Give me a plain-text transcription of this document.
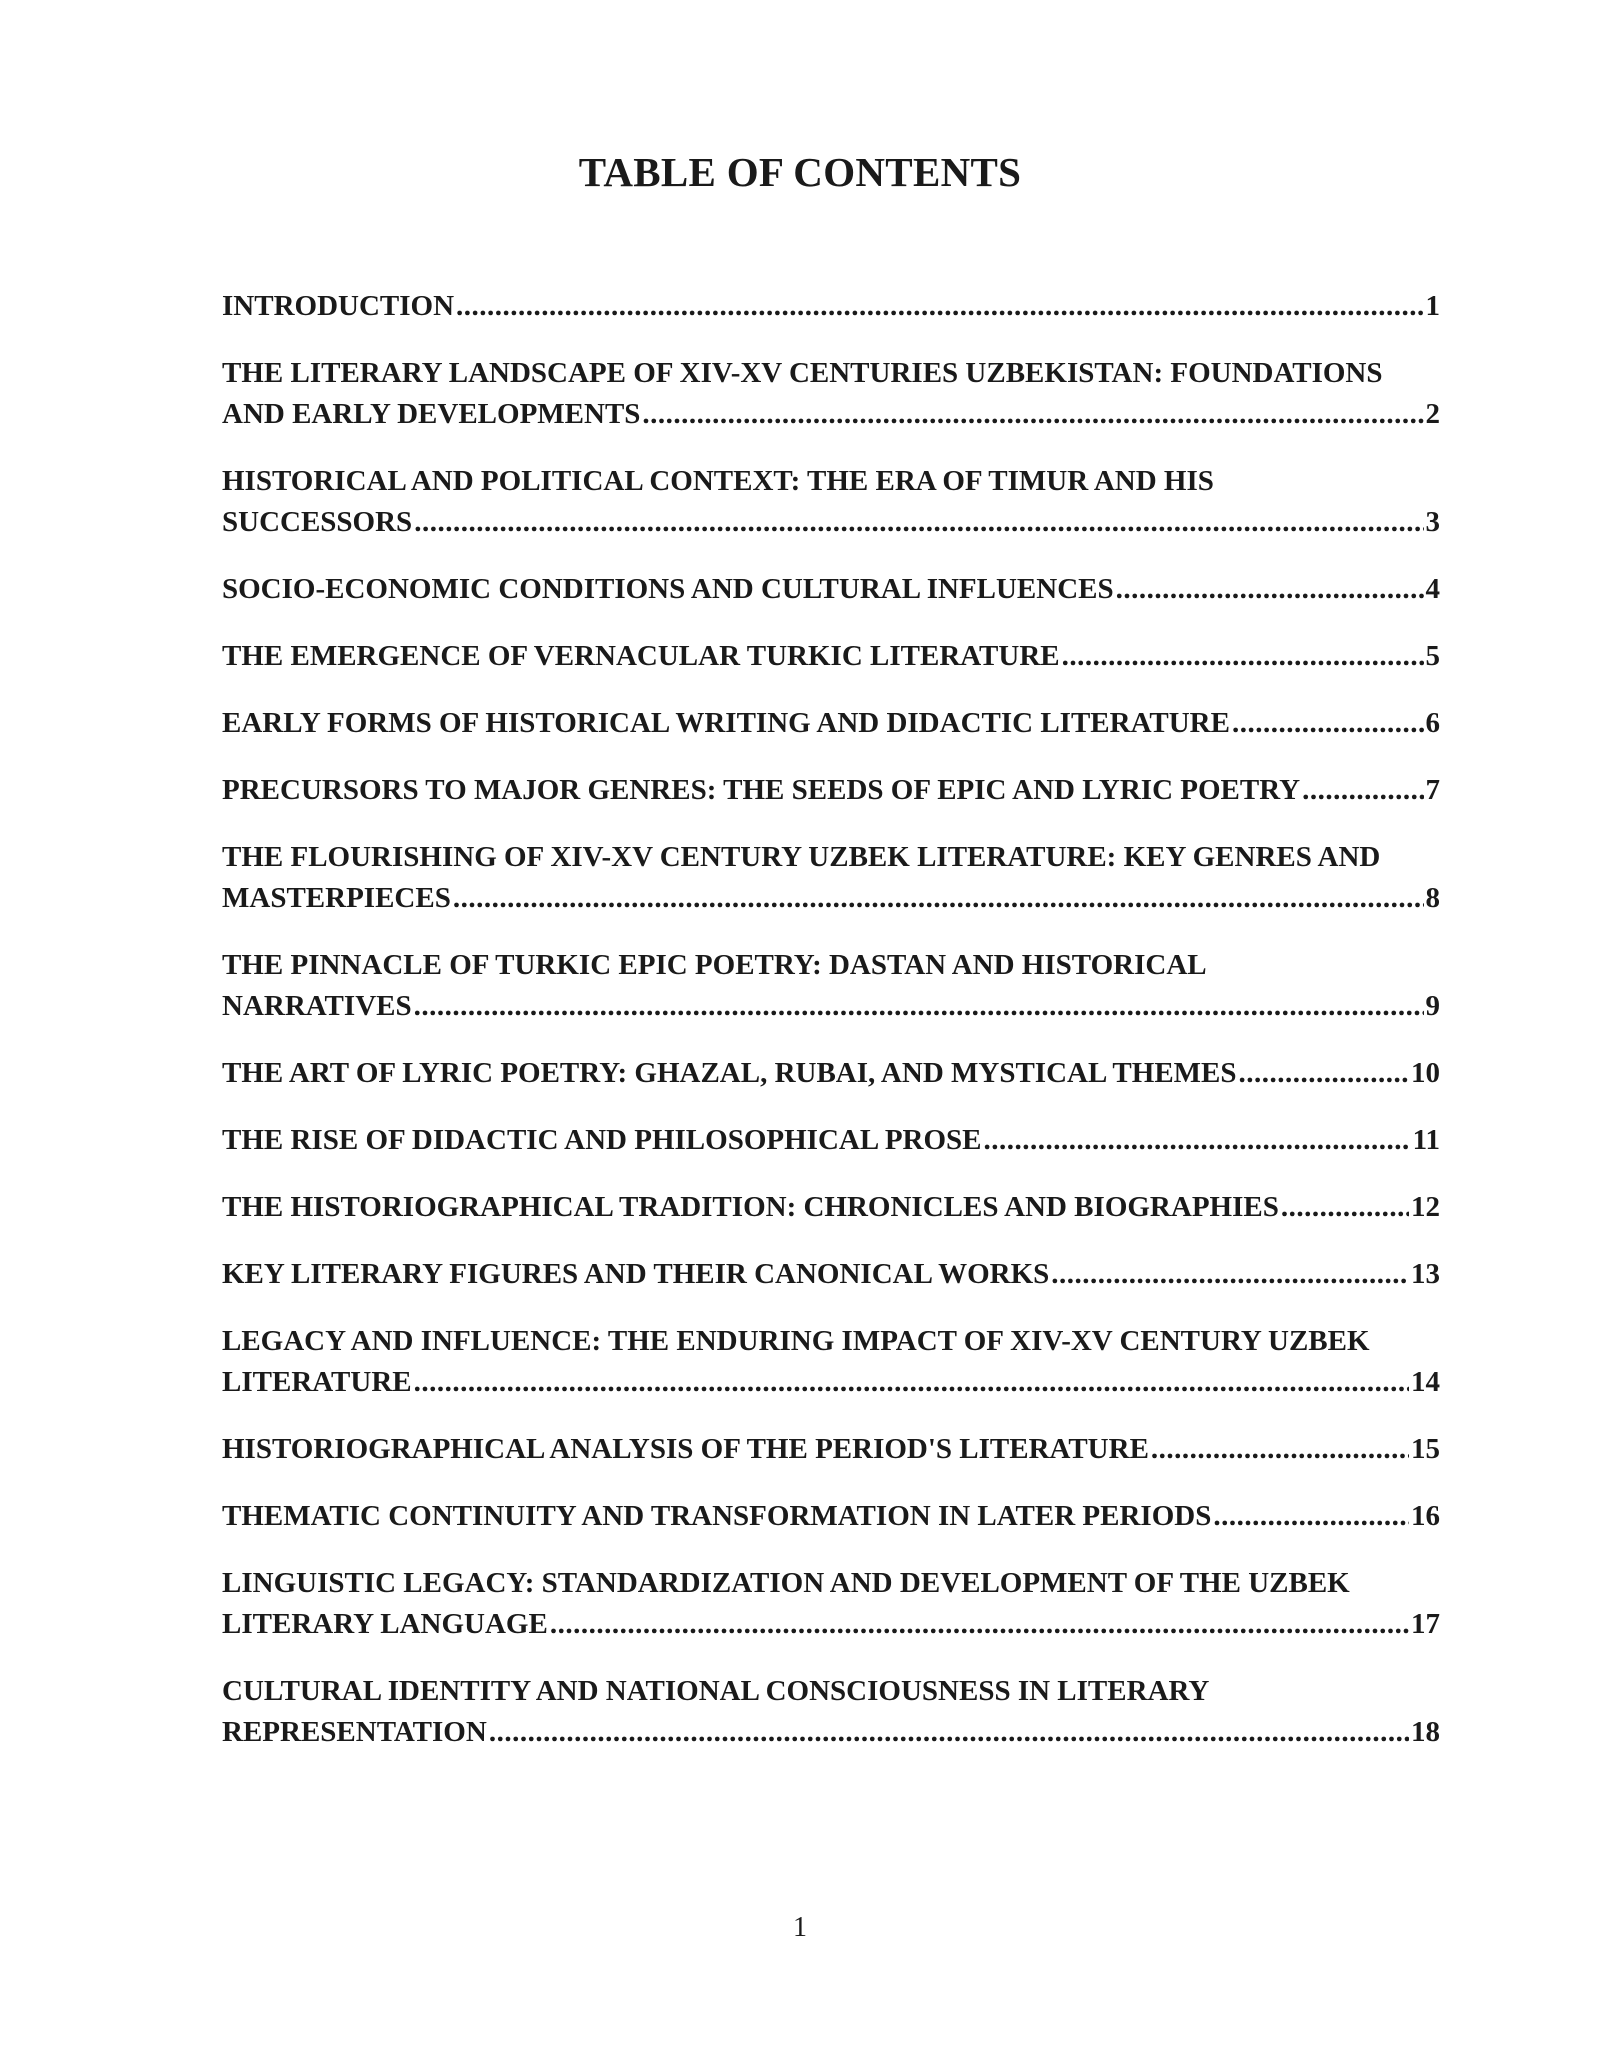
TABLE OF CONTENTS
INTRODUCTION .....	1
THE LITERARY LANDSCAPE OF XIV-XV CENTURIES UZBEKISTAN: FOUNDATIONS
AND EARLY DEVELOPMENTS .....	2
HISTORICAL AND POLITICAL CONTEXT: THE ERA OF TIMUR AND HIS
SUCCESSORS .....	3
SOCIO-ECONOMIC CONDITIONS AND CULTURAL INFLUENCES .....	4
THE EMERGENCE OF VERNACULAR TURKIC LITERATURE .....	5
EARLY FORMS OF HISTORICAL WRITING AND DIDACTIC LITERATURE .....	6
PRECURSORS TO MAJOR GENRES: THE SEEDS OF EPIC AND LYRIC POETRY .....	7
THE FLOURISHING OF XIV-XV CENTURY UZBEK LITERATURE: KEY GENRES AND
MASTERPIECES .....	8
THE PINNACLE OF TURKIC EPIC POETRY: DASTAN AND HISTORICAL
NARRATIVES .....	9
THE ART OF LYRIC POETRY: GHAZAL, RUBAI, AND MYSTICAL THEMES .....	10
THE RISE OF DIDACTIC AND PHILOSOPHICAL PROSE .....	11
THE HISTORIOGRAPHICAL TRADITION: CHRONICLES AND BIOGRAPHIES .....	12
KEY LITERARY FIGURES AND THEIR CANONICAL WORKS .....	13
LEGACY AND INFLUENCE: THE ENDURING IMPACT OF XIV-XV CENTURY UZBEK
LITERATURE .....	14
HISTORIOGRAPHICAL ANALYSIS OF THE PERIOD'S LITERATURE .....	15
THEMATIC CONTINUITY AND TRANSFORMATION IN LATER PERIODS .....	16
LINGUISTIC LEGACY: STANDARDIZATION AND DEVELOPMENT OF THE UZBEK
LITERARY LANGUAGE .....	17
CULTURAL IDENTITY AND NATIONAL CONSCIOUSNESS IN LITERARY
REPRESENTATION .....	18
1
